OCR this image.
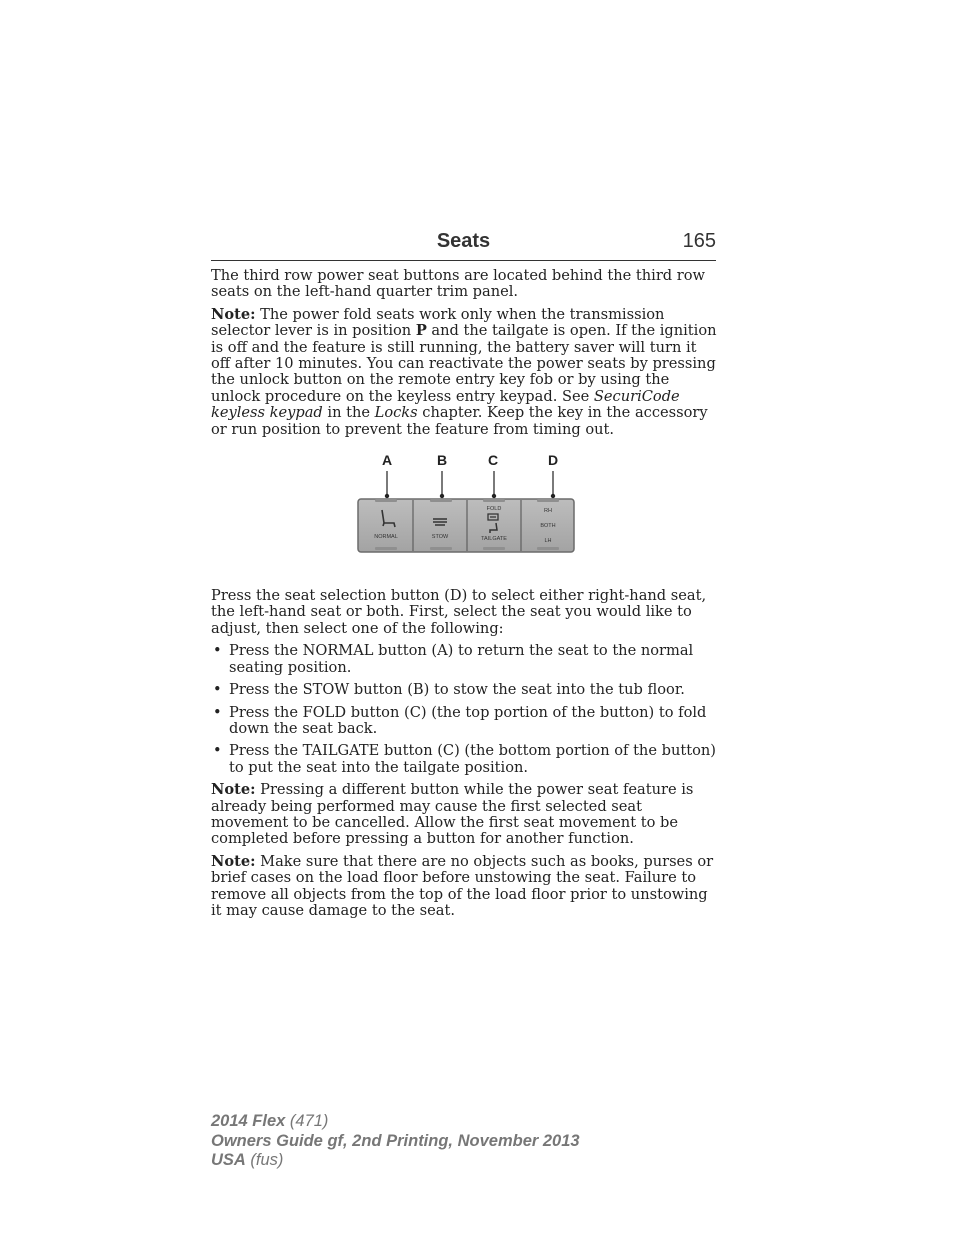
Seats	165

The third row power seat buttons are located behind the third row seats on the left-hand quarter trim panel.

Note: The power fold seats work only when the transmission selector lever is in position P and the tailgate is open. If the ignition is off and the feature is still running, the battery saver will turn it off after 10 minutes. You can reactivate the power seats by pressing the unlock button on the remote entry key fob or by using the unlock procedure on the keyless entry keypad. See SecuriCode keyless keypad in the Locks chapter. Keep the key in the accessory or run position to prevent the feature from timing out.

A	B	C	D
NORMAL	STOW
FOLD
TAILGATE
RH
BOTH
LH

Press the seat selection button (D) to select either right-hand seat, the left-hand seat or both. First, select the seat you would like to adjust, then select one of the following:

• Press the NORMAL button (A) to return the seat to the normal seating position.
• Press the STOW button (B) to stow the seat into the tub floor.
• Press the FOLD button (C) (the top portion of the button) to fold down the seat back.
• Press the TAILGATE button (C) (the bottom portion of the button) to put the seat into the tailgate position.

Note: Pressing a different button while the power seat feature is already being performed may cause the first selected seat movement to be cancelled. Allow the first seat movement to be completed before pressing a button for another function.

Note: Make sure that there are no objects such as books, purses or brief cases on the load floor before unstowing the seat. Failure to remove all objects from the top of the load floor prior to unstowing it may cause damage to the seat.

2014 Flex (471)
Owners Guide gf, 2nd Printing, November 2013
USA (fus)
